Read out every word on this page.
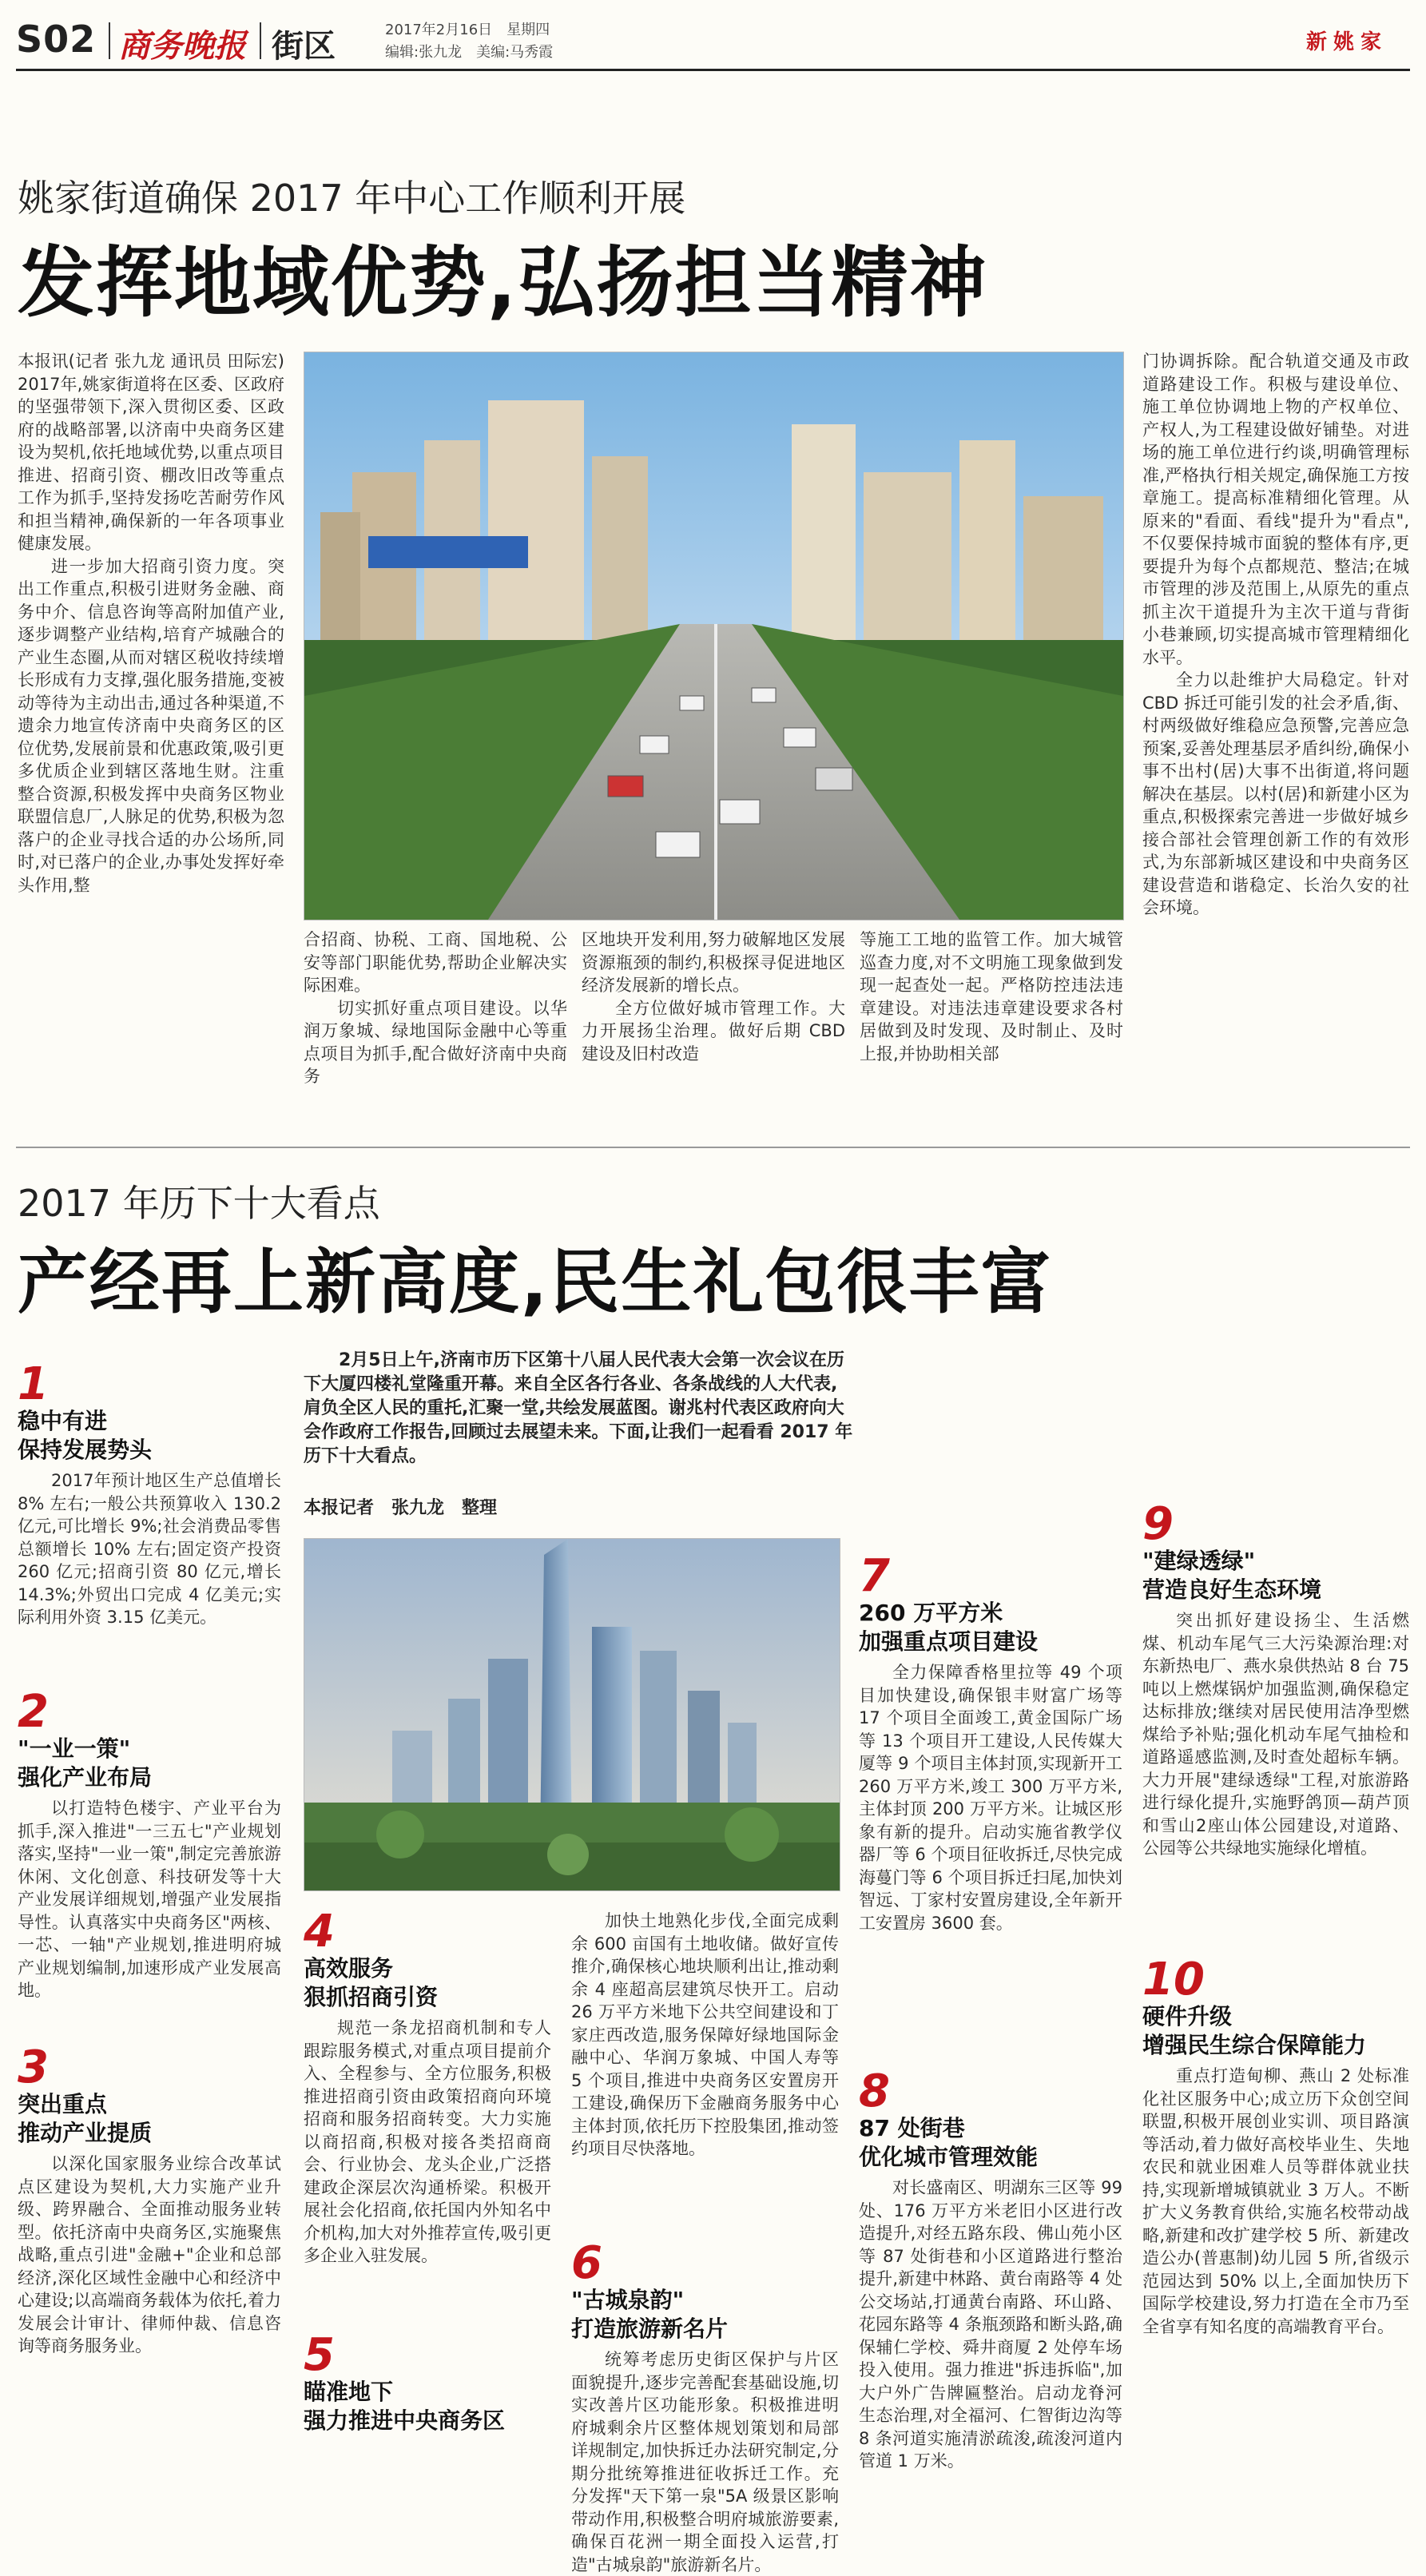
S02 商务晚报 街区	2017年2月16日　星期四
编辑:张九龙　美编:马秀霞	新姚家
姚家街道确保 2017 年中心工作顺利开展
发挥地域优势,弘扬担当精神

本报讯(记者 张九龙 通讯员 田际宏) 2017年,姚家街道将在区委、区政府的坚强带领下,深入贯彻区委、区政府的战略部署,以济南中央商务区建设为契机,依托地域优势,以重点项目推进、招商引资、棚改旧改等重点工作为抓手,坚持发扬吃苦耐劳作风和担当精神,确保新的一年各项事业健康发展。

进一步加大招商引资力度。突出工作重点,积极引进财务金融、商务中介、信息咨询等高附加值产业,逐步调整产业结构,培育产城融合的产业生态圈,从而对辖区税收持续增长形成有力支撑,强化服务措施,变被动等待为主动出击,通过各种渠道,不遗余力地宣传济南中央商务区的区位优势,发展前景和优惠政策,吸引更多优质企业到辖区落地生财。注重整合资源,积极发挥中央商务区物业联盟信息厂,人脉足的优势,积极为忽落户的企业寻找合适的办公场所,同时,对已落户的企业,办事处发挥好牵头作用,整

合招商、协税、工商、国地税、公安等部门职能优势,帮助企业解决实际困难。

切实抓好重点项目建设。以华润万象城、绿地国际金融中心等重点项目为抓手,配合做好济南中央商务

区地块开发利用,努力破解地区发展资源瓶颈的制约,积极探寻促进地区经济发展新的增长点。

全方位做好城市管理工作。大力开展扬尘治理。做好后期 CBD 建设及旧村改造

等施工工地的监管工作。加大城管巡查力度,对不文明施工现象做到发现一起查处一起。严格防控违法违章建设。对违法违章建设要求各村居做到及时发现、及时制止、及时上报,并协助相关部

门协调拆除。配合轨道交通及市政道路建设工作。积极与建设单位、施工单位协调地上物的产权单位、产权人,为工程建设做好铺垫。对进场的施工单位进行约谈,明确管理标准,严格执行相关规定,确保施工方按章施工。提高标准精细化管理。从原来的"看面、看线"提升为"看点",不仅要保持城市面貌的整体有序,更要提升为每个点都规范、整洁;在城市管理的涉及范围上,从原先的重点抓主次干道提升为主次干道与背街小巷兼顾,切实提高城市管理精细化水平。

全力以赴维护大局稳定。针对 CBD 拆迁可能引发的社会矛盾,街、村两级做好维稳应急预警,完善应急预案,妥善处理基层矛盾纠纷,确保小事不出村(居)大事不出街道,将问题解决在基层。以村(居)和新建小区为重点,积极探索完善进一步做好城乡接合部社会管理创新工作的有效形式,为东部新城区建设和中央商务区建设营造和谐稳定、长治久安的社会环境。

2017 年历下十大看点
产经再上新高度,民生礼包很丰富
1
稳中有进
保持发展势头

2017年预计地区生产总值增长 8% 左右;一般公共预算收入 130.2 亿元,可比增长 9%;社会消费品零售总额增长 10% 左右;固定资产投资 260 亿元;招商引资 80 亿元,增长 14.3%;外贸出口完成 4 亿美元;实际利用外资 3.15 亿美元。

2
"一业一策"
强化产业布局

以打造特色楼宇、产业平台为抓手,深入推进"一三五七"产业规划落实,坚持"一业一策",制定完善旅游休闲、文化创意、科技研发等十大产业发展详细规划,增强产业发展指导性。认真落实中央商务区"两核、一芯、一轴"产业规划,推进明府城产业规划编制,加速形成产业发展高地。

3
突出重点
推动产业提质

以深化国家服务业综合改革试点区建设为契机,大力实施产业升级、跨界融合、全面推动服务业转型。依托济南中央商务区,实施聚焦战略,重点引进"金融+"企业和总部经济,深化区域性金融中心和经济中心建设;以高端商务载体为依托,着力发展会计审计、律师仲裁、信息咨询等商务服务业。

2月5日上午,济南市历下区第十八届人民代表大会第一次会议在历下大厦四楼礼堂隆重开幕。来自全区各行各业、各条战线的人大代表,肩负全区人民的重托,汇聚一堂,共绘发展蓝图。谢兆村代表区政府向大会作政府工作报告,回顾过去展望未来。下面,让我们一起看看 2017 年历下十大看点。

本报记者　张九龙　整理
4
高效服务
狠抓招商引资

规范一条龙招商机制和专人跟踪服务模式,对重点项目提前介入、全程参与、全方位服务,积极推进招商引资由政策招商向环境招商和服务招商转变。大力实施以商招商,积极对接各类招商商会、行业协会、龙头企业,广泛搭建政企深层次沟通桥梁。积极开展社会化招商,依托国内外知名中介机构,加大对外推荐宣传,吸引更多企业入驻发展。

5
瞄准地下
强力推进中央商务区

加快土地熟化步伐,全面完成剩余 600 亩国有土地收储。做好宣传推介,确保核心地块顺利出让,推动剩余 4 座超高层建筑尽快开工。启动 26 万平方米地下公共空间建设和丁家庄西改造,服务保障好绿地国际金融中心、华润万象城、中国人寿等 5 个项目,推进中央商务区安置房开工建设,确保历下金融商务服务中心主体封顶,依托历下控股集团,推动签约项目尽快落地。

6
"古城泉韵"
打造旅游新名片

统筹考虑历史街区保护与片区面貌提升,逐步完善配套基础设施,切实改善片区功能形象。积极推进明府城剩余片区整体规划策划和局部详规制定,加快拆迁办法研究制定,分期分批统筹推进征收拆迁工作。充分发挥"天下第一泉"5A 级景区影响带动作用,积极整合明府城旅游要素,确保百花洲一期全面投入运营,打造"古城泉韵"旅游新名片。

7
260 万平方米
加强重点项目建设

全力保障香格里拉等 49 个项目加快建设,确保银丰财富广场等 17 个项目全面竣工,黄金国际广场等 13 个项目开工建设,人民传媒大厦等 9 个项目主体封顶,实现新开工 260 万平方米,竣工 300 万平方米,主体封顶 200 万平方米。让城区形象有新的提升。启动实施省教学仪器厂等 6 个项目征收拆迁,尽快完成海蔓门等 6 个项目拆迁扫尾,加快刘智远、丁家村安置房建设,全年新开工安置房 3600 套。

8
87 处街巷
优化城市管理效能

对长盛南区、明湖东三区等 99 处、176 万平方米老旧小区进行改造提升,对经五路东段、佛山苑小区等 87 处街巷和小区道路进行整治提升,新建中林路、黄台南路等 4 处公交场站,打通黄台南路、环山路、花园东路等 4 条瓶颈路和断头路,确保辅仁学校、舜井商厦 2 处停车场投入使用。强力推进"拆违拆临",加大户外广告牌匾整治。启动龙脊河生态治理,对全福河、仁智街边沟等 8 条河道实施清淤疏浚,疏浚河道内管道 1 万米。

9
"建绿透绿"
营造良好生态环境

突出抓好建设扬尘、生活燃煤、机动车尾气三大污染源治理:对东新热电厂、燕水泉供热站 8 台 75 吨以上燃煤锅炉加强监测,确保稳定达标排放;继续对居民使用洁净型燃煤给予补贴;强化机动车尾气抽检和道路遥感监测,及时查处超标车辆。大力开展"建绿透绿"工程,对旅游路进行绿化提升,实施野鸽顶—葫芦顶和雪山2座山体公园建设,对道路、公园等公共绿地实施绿化增植。

10
硬件升级
增强民生综合保障能力

重点打造甸柳、燕山 2 处标准化社区服务中心;成立历下众创空间联盟,积极开展创业实训、项目路演等活动,着力做好高校毕业生、失地农民和就业困难人员等群体就业扶持,实现新增城镇就业 3 万人。不断扩大义务教育供给,实施名校带动战略,新建和改扩建学校 5 所、新建改造公办(普惠制)幼儿园 5 所,省级示范园达到 50% 以上,全面加快历下国际学校建设,努力打造在全市乃至全省享有知名度的高端教育平台。
